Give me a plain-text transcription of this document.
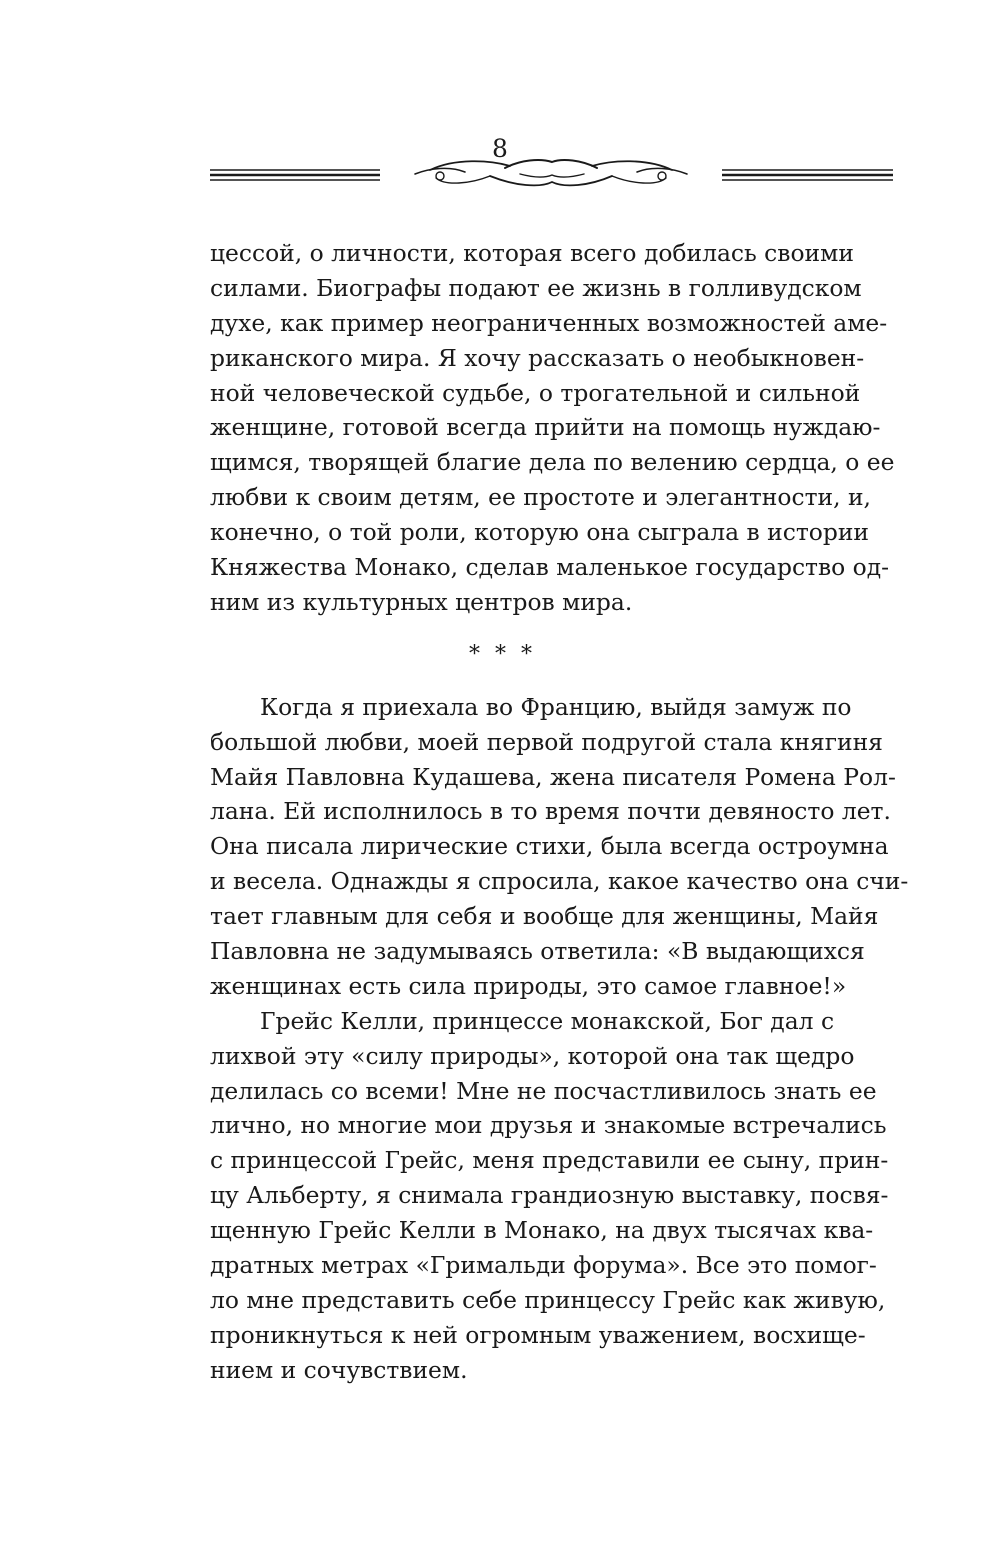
8
цессой, о личности, которая всего добилась своими
силами. Биографы подают ее жизнь в голливудском
духе, как пример неограниченных возможностей аме-
риканского мира. Я хочу рассказать о необыкновен-
ной человеческой судьбе, о трогательной и сильной
женщине, готовой всегда прийти на помощь нуждаю-
щимся, творящей благие дела по велению сердца, о ее
любви к своим детям, ее простоте и элегантности, и,
конечно, о той роли, которую она сыграла в истории
Княжества Монако, сделав маленькое государство од-
ним из культурных центров мира.
* * *
Когда я приехала во Францию, выйдя замуж по
большой любви, моей первой подругой стала княгиня
Майя Павловна Кудашева, жена писателя Ромена Рол-
лана. Ей исполнилось в то время почти девяносто лет.
Она писала лирические стихи, была всегда остроумна
и весела. Однажды я спросила, какое качество она счи-
тает главным для себя и вообще для женщины, Майя
Павловна не задумываясь ответила: «В выдающихся
женщинах есть сила природы, это самое главное!»
Грейс Келли, принцессе монакской, Бог дал с
лихвой эту «силу природы», которой она так щедро
делилась со всеми! Мне не посчастливилось знать ее
лично, но многие мои друзья и знакомые встречались
с принцессой Грейс, меня представили ее сыну, прин-
цу Альберту, я снимала грандиозную выставку, посвя-
щенную Грейс Келли в Монако, на двух тысячах ква-
дратных метрах «Гримальди форума». Все это помог-
ло мне представить себе принцессу Грейс как живую,
проникнуться к ней огромным уважением, восхище-
нием и сочувствием.
